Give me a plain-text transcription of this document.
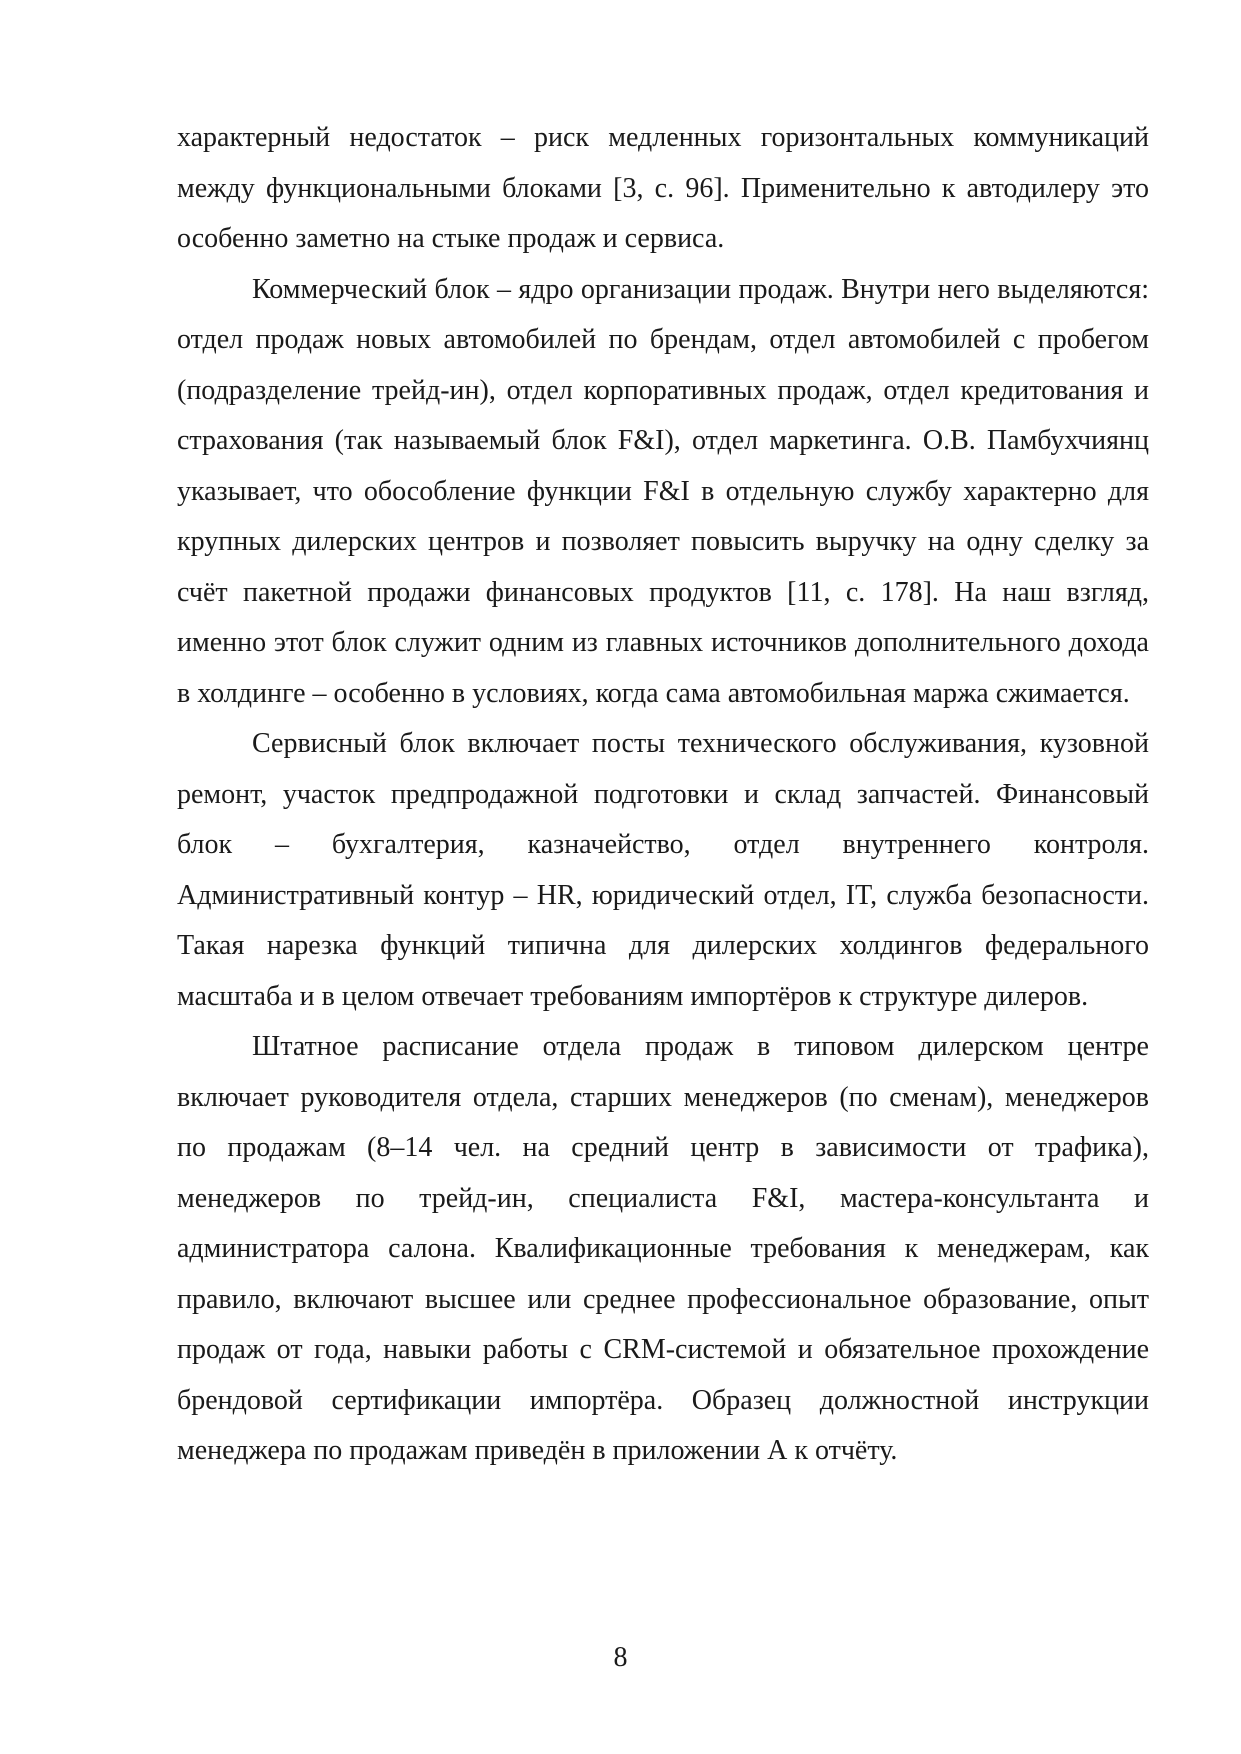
характерный недостаток – риск медленных горизонтальных коммуникаций между функциональными блоками [3, с. 96]. Применительно к автодилеру это особенно заметно на стыке продаж и сервиса.

Коммерческий блок – ядро организации продаж. Внутри него выделяются: отдел продаж новых автомобилей по брендам, отдел автомобилей с пробегом (подразделение трейд-ин), отдел корпоративных продаж, отдел кредитования и страхования (так называемый блок F&I), отдел маркетинга. О.В. Памбухчиянц указывает, что обособление функции F&I в отдельную службу характерно для крупных дилерских центров и позволяет повысить выручку на одну сделку за счёт пакетной продажи финансовых продуктов [11, с. 178]. На наш взгляд, именно этот блок служит одним из главных источников дополнительного дохода в холдинге – особенно в условиях, когда сама автомобильная маржа сжимается.

Сервисный блок включает посты технического обслуживания, кузовной ремонт, участок предпродажной подготовки и склад запчастей. Финансовый блок – бухгалтерия, казначейство, отдел внутреннего контроля. Административный контур – HR, юридический отдел, IT, служба безопасности. Такая нарезка функций типична для дилерских холдингов федерального масштаба и в целом отвечает требованиям импортёров к структуре дилеров.

Штатное расписание отдела продаж в типовом дилерском центре включает руководителя отдела, старших менеджеров (по сменам), менеджеров по продажам (8–14 чел. на средний центр в зависимости от трафика), менеджеров по трейд-ин, специалиста F&I, мастера-консультанта и администратора салона. Квалификационные требования к менеджерам, как правило, включают высшее или среднее профессиональное образование, опыт продаж от года, навыки работы с CRM-системой и обязательное прохождение брендовой сертификации импортёра. Образец должностной инструкции менеджера по продажам приведён в приложении А к отчёту.

8
